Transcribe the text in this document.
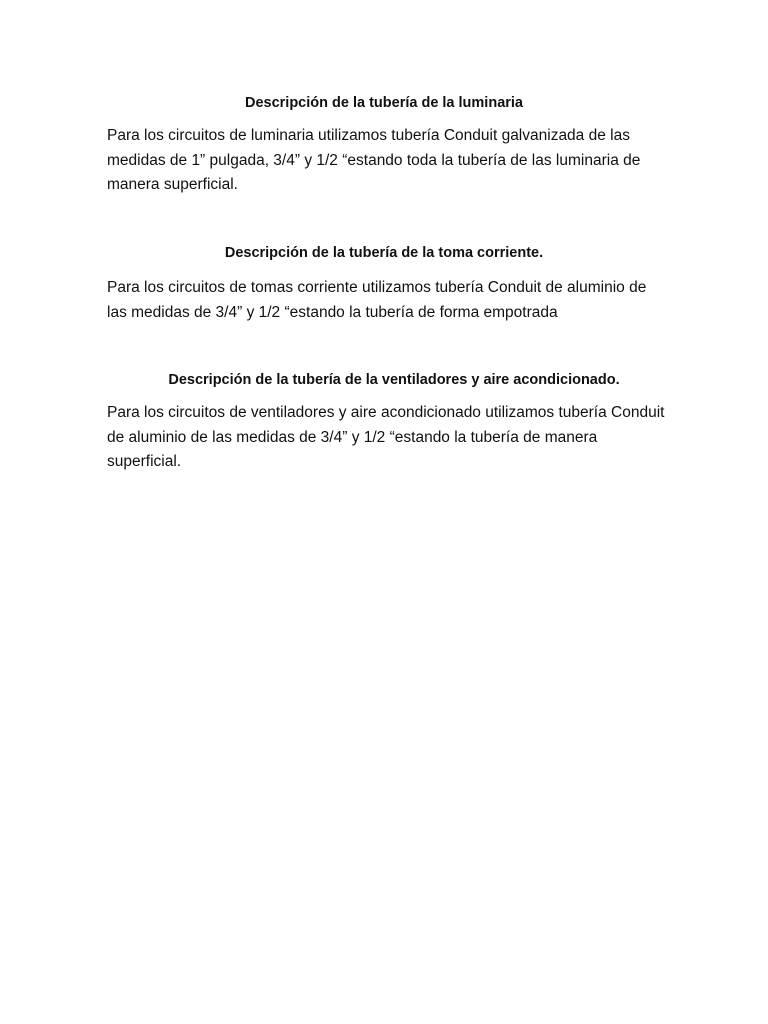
Descripción de la tubería de la luminaria

Para los circuitos de luminaria utilizamos tubería Conduit galvanizada de las medidas de 1” pulgada, 3/4” y 1/2 “estando toda la tubería de las luminaria de manera superficial.

Descripción de la tubería de la toma corriente.

Para los circuitos de tomas corriente utilizamos tubería Conduit de aluminio de las medidas de 3/4” y 1/2 “estando la tubería de forma empotrada

Descripción de la tubería de la ventiladores y aire acondicionado.

Para los circuitos de ventiladores y aire acondicionado utilizamos tubería Conduit de aluminio de las medidas de 3/4” y 1/2 “estando la tubería de manera superficial.
